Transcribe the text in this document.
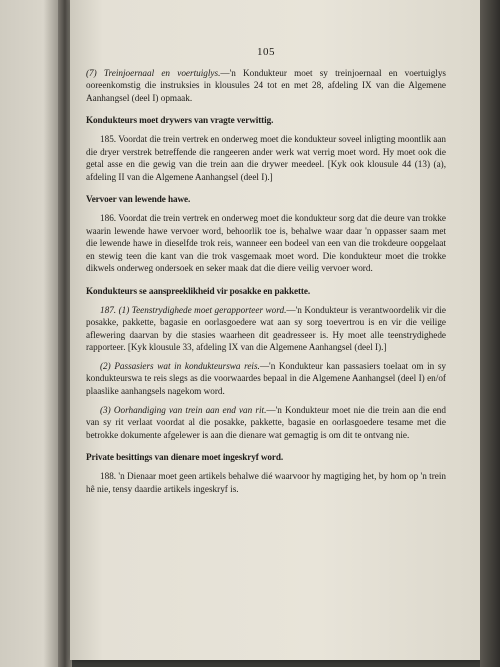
105

(7) Treinjoernaal en voertuiglys.—'n Kondukteur moet sy treinjoernaal en voertuiglys ooreenkomstig die instruksies in klousules 24 tot en met 28, afdeling IX van die Algemene Aanhangsel (deel I) opmaak.

Kondukteurs moet drywers van vragte verwittig.

185. Voordat die trein vertrek en onderweg moet die kondukteur soveel inligting moontlik aan die dryer verstrek betreffende die rangeeren ander werk wat verrig moet word. Hy moet ook die getal asse en die gewig van die trein aan die drywer meedeel. [Kyk ook klousule 44 (13) (a), afdeling II van die Algemene Aanhangsel (deel I).]

Vervoer van lewende hawe.

186. Voordat die trein vertrek en onderweg moet die kondukteur sorg dat die deure van trokke waarin lewende hawe vervoer word, behoorlik toe is, behalwe waar daar 'n oppasser saam met die lewende hawe in dieselfde trok reis, wanneer een bodeel van een van die trokdeure oopgelaat en stewig teen die kant van die trok vasgemaak moet word. Die kondukteur moet die trokke dikwels onderweg ondersoek en seker maak dat die diere veilig vervoer word.

Kondukteurs se aanspreeklikheid vir posakke en pakkette.

187. (1) Teenstrydighede moet gerapporteer word.—'n Kondukteur is verantwoordelik vir die posakke, pakkette, bagasie en oorlasgoedere wat aan sy sorg toevertrou is en vir die veilige aflewering daarvan by die stasies waarheen dit geadresseer is. Hy moet alle teenstrydighede rapporteer. [Kyk klousule 33, afdeling IX van die Algemene Aanhangsel (deel I).]

(2) Passasiers wat in kondukteurswa reis.—'n Kondukteur kan passasiers toelaat om in sy kondukteurswa te reis slegs as die voorwaardes bepaal in die Algemene Aanhangsel (deel I) en/of plaaslike aanhangsels nagekom word.

(3) Oorhandiging van trein aan end van rit.—'n Kondukteur moet nie die trein aan die end van sy rit verlaat voordat al die posakke, pakkette, bagasie en oorlasgoedere tesame met die betrokke dokumente afgelewer is aan die dienare wat gemagtig is om dit te ontvang nie.

Private besittings van dienare moet ingeskryf word.

188. 'n Dienaar moet geen artikels behalwe dié waarvoor hy magtiging het, by hom op 'n trein hê nie, tensy daardie artikels ingeskryf is.
